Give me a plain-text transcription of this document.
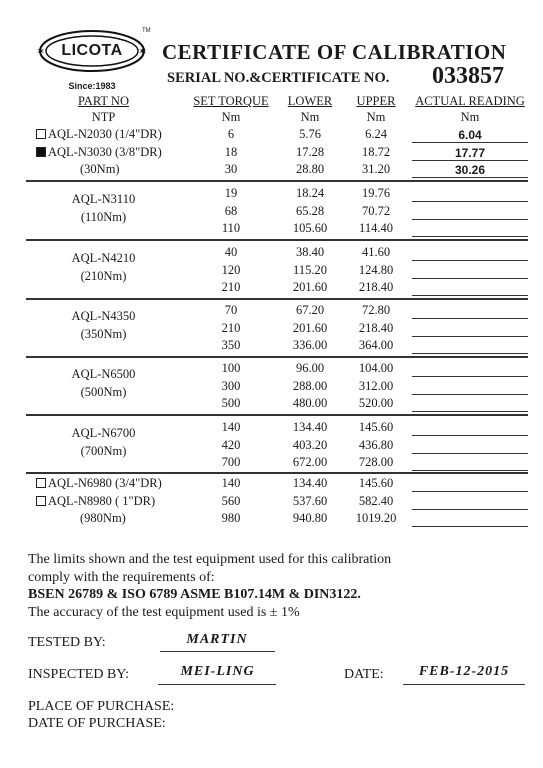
✶	✶
LICOTA
TM
Since:1983
CERTIFICATE OF CALIBRATION
SERIAL NO.&CERTIFICATE NO. 033857
PART NO	SET TORQUE	LOWER	UPPER	ACTUAL READING
NTP	Nm	Nm	Nm	Nm
AQL-N2030 (1/4"DR)
AQL-N3030 (3/8"DR)
(30Nm)
6	5.76	6.24	6.04
18	17.28	18.72	17.77
30	28.80	31.20	30.26
AQL-N3110
(110Nm)
19	18.24	19.76
68	65.28	70.72
110	105.60	114.40
AQL-N4210
(210Nm)
40	38.40	41.60
120	115.20	124.80
210	201.60	218.40
AQL-N4350
(350Nm)
70	67.20	72.80
210	201.60	218.40
350	336.00	364.00
AQL-N6500
(500Nm)
100	96.00	104.00
300	288.00	312.00
500	480.00	520.00
AQL-N6700
(700Nm)
140	134.40	145.60
420	403.20	436.80
700	672.00	728.00
AQL-N6980 (3/4"DR)
AQL-N8980 ( 1"DR)
(980Nm)
140	134.40	145.60
560	537.60	582.40
980	940.80	1019.20
The limits shown and the test equipment used for this calibration
comply with the requirements of:
BSEN 26789 & ISO 6789 ASME B107.14M & DIN3122.
The accuracy of the test equipment used is ± 1%
TESTED BY:	MARTIN
INSPECTED BY:	MEI-LING	DATE:	FEB-12-2015
PLACE OF PURCHASE:
DATE OF PURCHASE:
